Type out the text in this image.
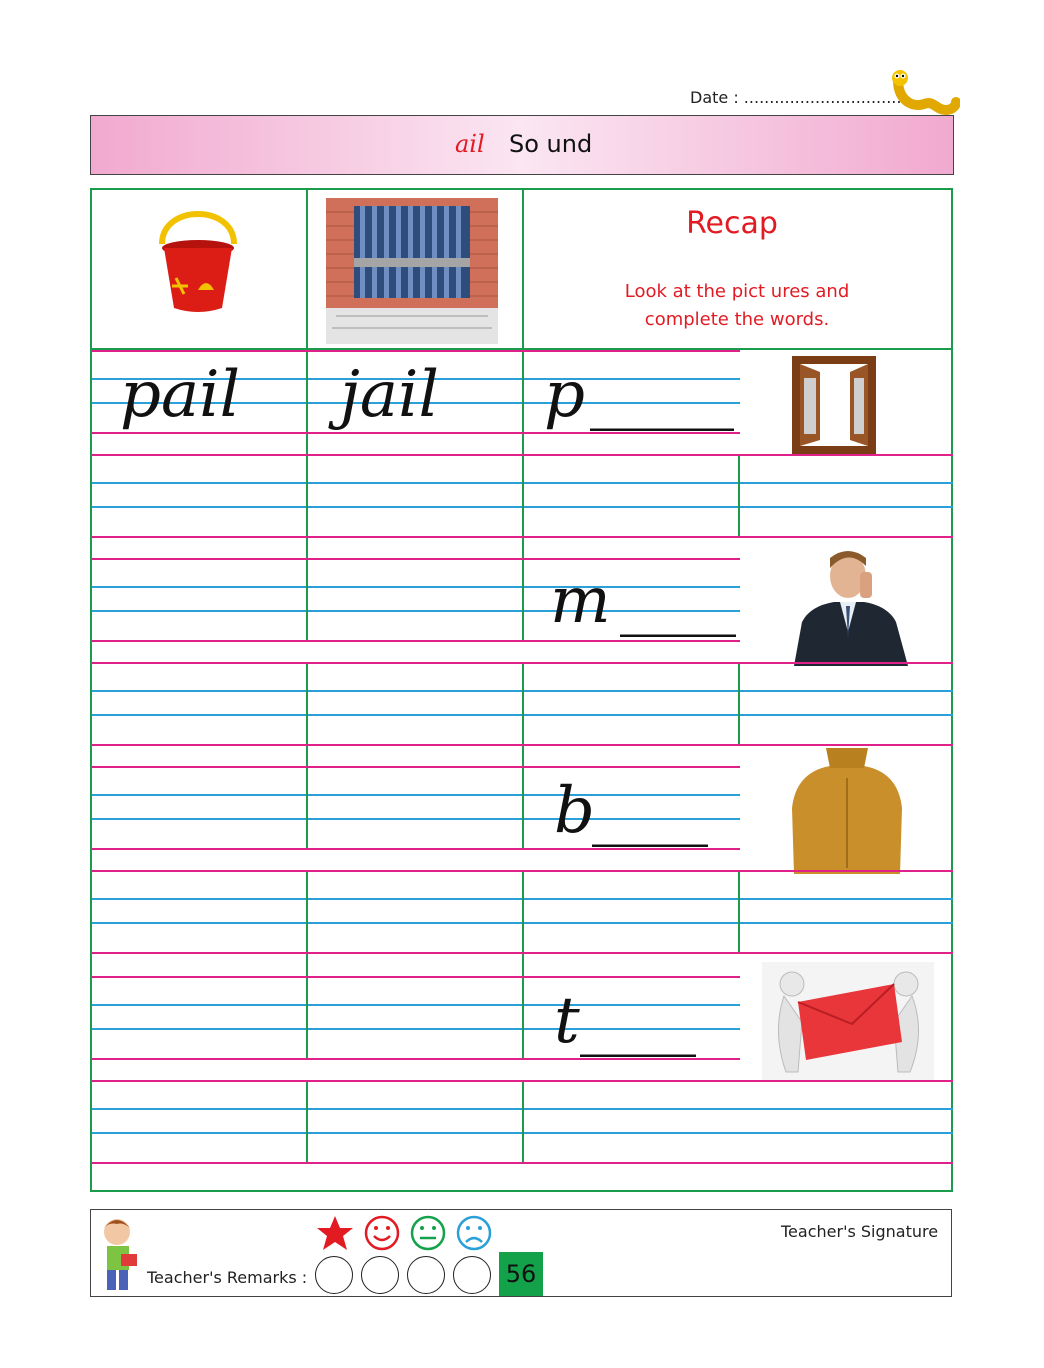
Date : ...............................
ail So und
Recap
Look at the pict ures and
complete the words.
pail jail p _____
m ____
b
____
t ____
Teacher's Remarks :
Teacher's Signature
56
